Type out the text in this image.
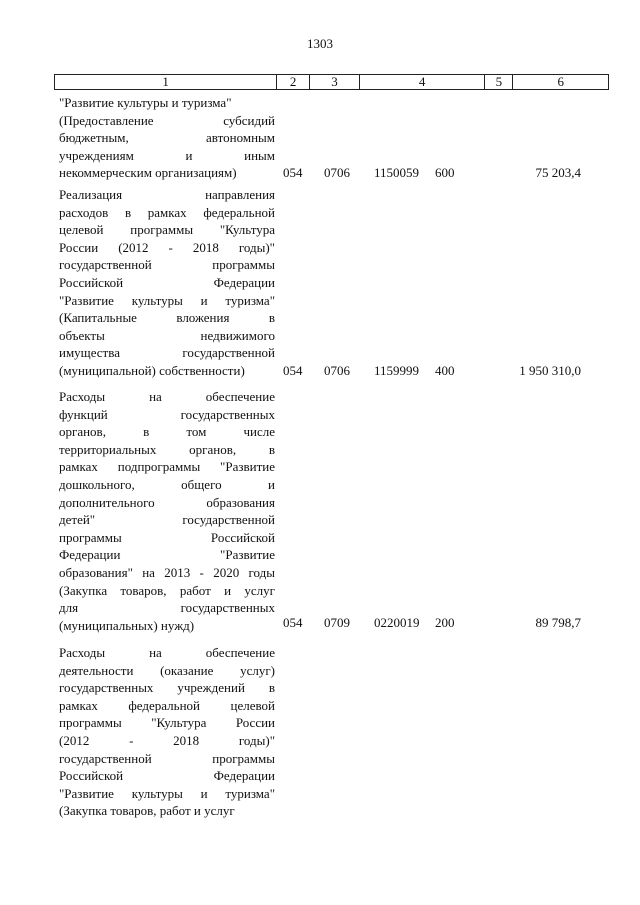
1303
1	2	3	4	5	6
"Развитие культуры и туризма"
(Предоставление субсидий
бюджетным, автономным
учреждениям и иным
некоммерческим организациям)	054 0706 1150059 600	75 203,4
Реализация направления
расходов в рамках федеральной
целевой программы "Культура
России (2012 - 2018 годы)"
государственной программы
Российской Федерации
"Развитие культуры и туризма"
(Капитальные вложения в
объекты недвижимого
имущества государственной
(муниципальной) собственности)	054 0706 1159999 400	1 950 310,0
Расходы на обеспечение
функций государственных
органов, в том числе
территориальных органов, в
рамках подпрограммы "Развитие
дошкольного, общего и
дополнительного образования
детей" государственной
программы Российской
Федерации "Развитие
образования" на 2013 - 2020 годы
(Закупка товаров, работ и услуг
для государственных
(муниципальных) нужд)	054 0709 0220019 200	89 798,7
Расходы на обеспечение
деятельности (оказание услуг)
государственных учреждений в
рамках федеральной целевой
программы "Культура России
(2012 - 2018 годы)"
государственной программы
Российской Федерации
"Развитие культуры и туризма"
(Закупка товаров, работ и услуг
